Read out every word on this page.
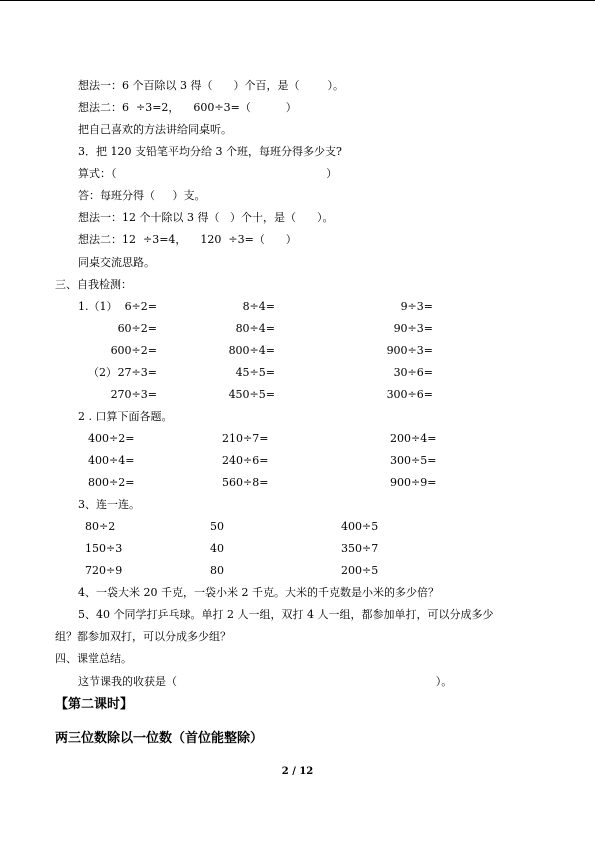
想法一：6 个百除以 3 得（      ）个百，是（        ）。
想法二：6  ÷3=2，    600÷3=（          ）
把自己喜欢的方法讲给同桌听。
3．把 120 支铅笔平均分给 3 个班，每班分得多少支?
算式：（                                                            ）
答：每班分得（     ）支。
想法一：12 个十除以 3 得（   ）个十，是（      ）。
想法二：12  ÷3=4，    120  ÷3=（      ）
同桌交流思路。
三、自我检测：
1.（1）
（2）
6÷2=
60÷2=
600÷2=
27÷3=
270÷3=
8÷4=
80÷4=
800÷4=
45÷5=
450÷5=
9÷3=
90÷3=
900÷3=
30÷6=
300÷6=
2 . 口算下面各题。
400÷2=
400÷4=
800÷2=
210÷7=
240÷6=
560÷8=
200÷4=
300÷5=
900÷9=
3、连一连。
80÷2
150÷3
720÷9
50
40
80
400÷5
350÷7
200÷5
4、一袋大米 20 千克，一袋小米 2 千克。大米的千克数是小米的多少倍？
5、40 个同学打乒乓球。单打 2 人一组，双打 4 人一组，都参加单打，可以分成多少
组？都参加双打，可以分成多少组？
四、课堂总结。
这节课我的收获是（                                                                          ）。
【第二课时】
两三位数除以一位数（首位能整除）
2 / 12
